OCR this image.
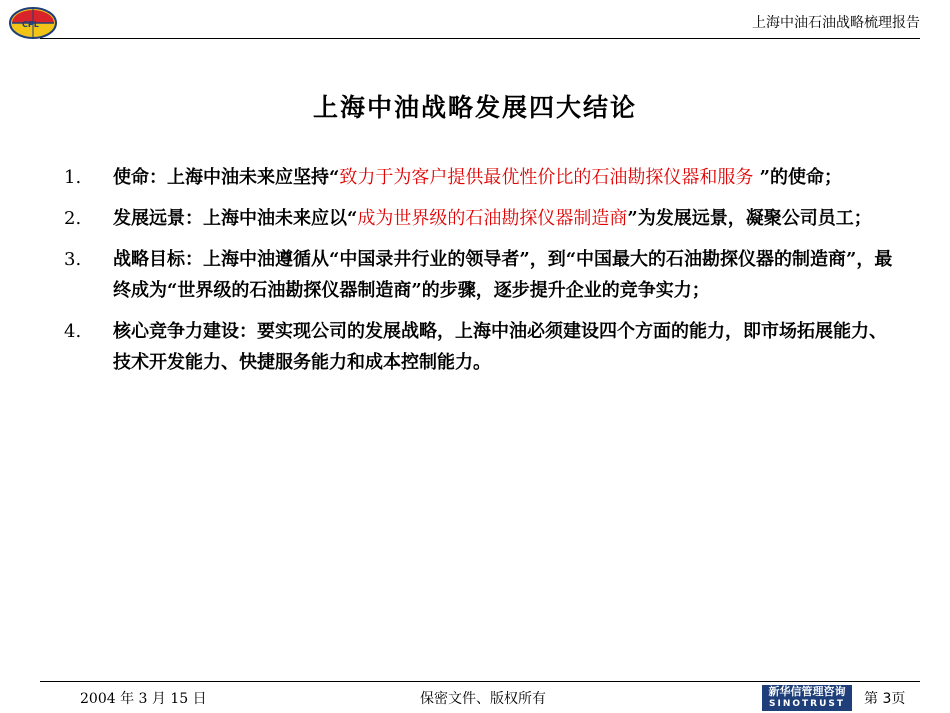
CPL	上海中油石油战略梳理报告
上海中油战略发展四大结论
1. 使命：上海中油未来应坚持“致力于为客户提供最优性价比的石油勘探仪器和服务 ”的使命；
2. 发展远景：上海中油未来应以“成为世界级的石油勘探仪器制造商”为发展远景，凝聚公司员工；
3. 战略目标：上海中油遵循从“中国录井行业的领导者”，到“中国最大的石油勘探仪器的制造商”，最终成为“世界级的石油勘探仪器制造商”的步骤，逐步提升企业的竞争实力；
4. 核心竞争力建设：要实现公司的发展战略，上海中油必须建设四个方面的能力，即市场拓展能力、技术开发能力、快捷服务能力和成本控制能力。
2004 年 3 月 15 日	保密文件、版权所有	新华信管理咨询
SINOTRUST	第 3页
